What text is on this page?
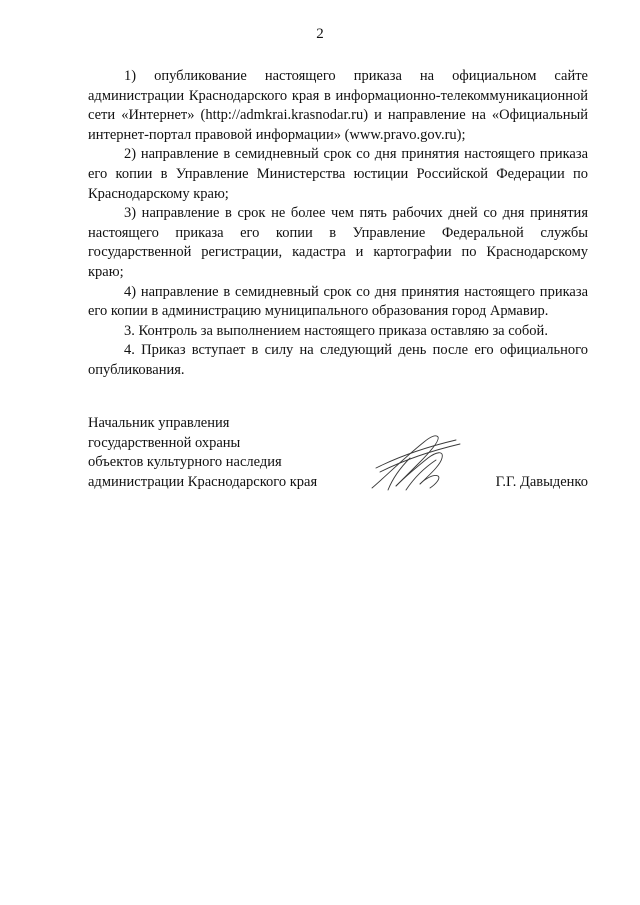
2

1) опубликование настоящего приказа на официальном сайте администрации Краснодарского края в информационно-телекоммуникационной сети «Интернет» (http://admkrai.krasnodar.ru) и направление на «Официальный интернет-портал правовой информации» (www.pravo.gov.ru);

2) направление в семидневный срок со дня принятия настоящего приказа его копии в Управление Министерства юстиции Российской Федерации по Краснодарскому краю;

3) направление в срок не более чем пять рабочих дней со дня принятия настоящего приказа его копии в Управление Федеральной службы государственной регистрации, кадастра и картографии по Краснодарскому краю;

4) направление в семидневный срок со дня принятия настоящего приказа его копии в администрацию муниципального образования город Армавир.

3. Контроль за выполнением настоящего приказа оставляю за собой.

4. Приказ вступает в силу на следующий день после его официального опубликования.

Начальник управления
государственной охраны
объектов культурного наследия
администрации Краснодарского края	Г.Г. Давыденко
